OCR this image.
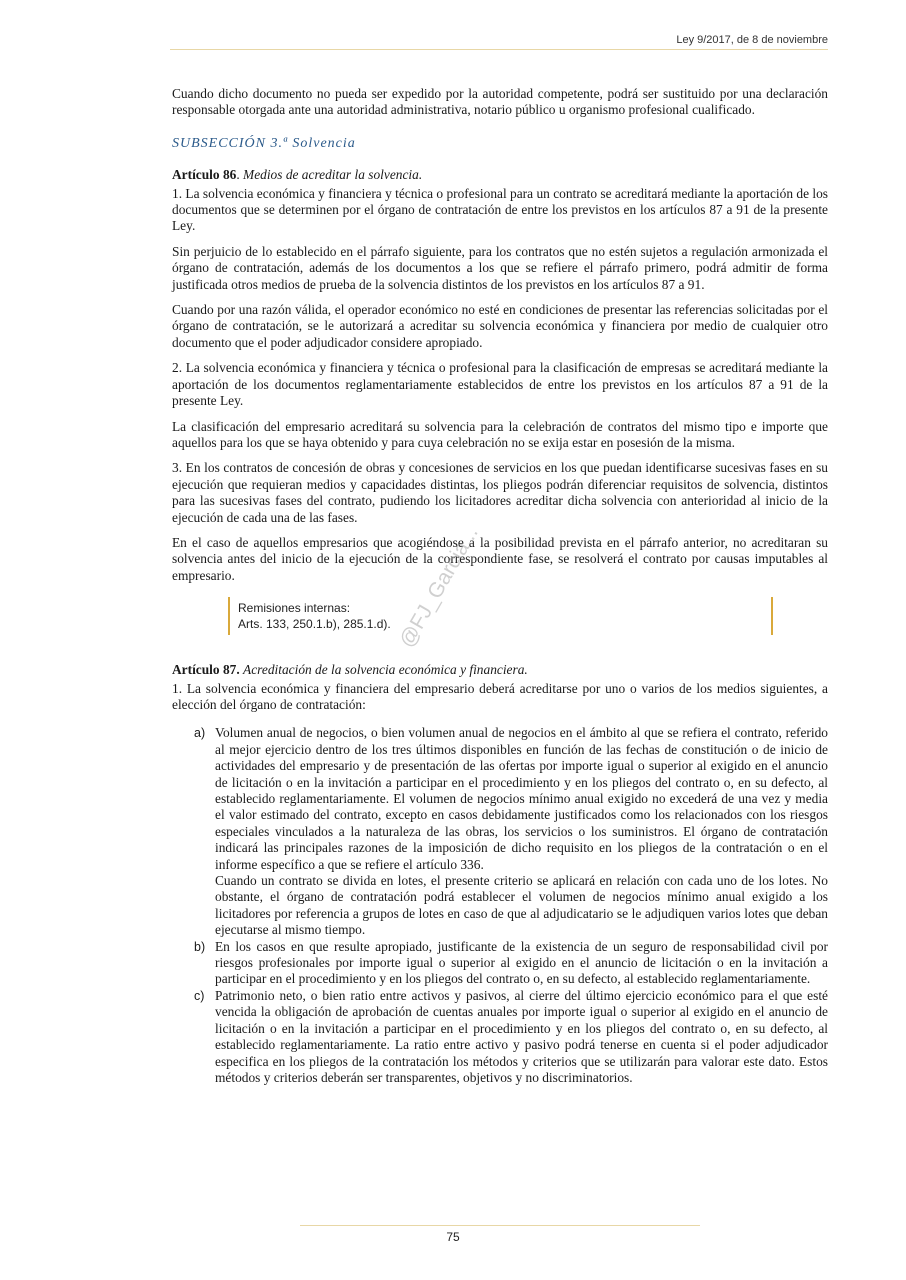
Ley 9/2017, de 8 de noviembre

Cuando dicho documento no pueda ser expedido por la autoridad competente, podrá ser sustituido por una declaración responsable otorgada ante una autoridad administrativa, notario público u organismo profesional cualificado.

SUBSECCIÓN 3.ª Solvencia
Artículo 86. Medios de acreditar la solvencia.

1. La solvencia económica y financiera y técnica o profesional para un contrato se acreditará mediante la aportación de los documentos que se determinen por el órgano de contratación de entre los previstos en los artículos 87 a 91 de la presente Ley.

Sin perjuicio de lo establecido en el párrafo siguiente, para los contratos que no estén sujetos a regulación armonizada el órgano de contratación, además de los documentos a los que se refiere el párrafo primero, podrá admitir de forma justificada otros medios de prueba de la solvencia distintos de los previstos en los artículos 87 a 91.

Cuando por una razón válida, el operador económico no esté en condiciones de presentar las referencias solicitadas por el órgano de contratación, se le autorizará a acreditar su solvencia económica y financiera por medio de cualquier otro documento que el poder adjudicador considere apropiado.

2. La solvencia económica y financiera y técnica o profesional para la clasificación de empresas se acreditará mediante la aportación de los documentos reglamentariamente establecidos de entre los previstos en los artículos 87 a 91 de la presente Ley.

La clasificación del empresario acreditará su solvencia para la celebración de contratos del mismo tipo e importe que aquellos para los que se haya obtenido y para cuya celebración no se exija estar en posesión de la misma.

3. En los contratos de concesión de obras y concesiones de servicios en los que puedan identificarse sucesivas fases en su ejecución que requieran medios y capacidades distintas, los pliegos podrán diferenciar requisitos de solvencia, distintos para las sucesivas fases del contrato, pudiendo los licitadores acreditar dicha solvencia con anterioridad al inicio de la ejecución de cada una de las fases.

En el caso de aquellos empresarios que acogiéndose a la posibilidad prevista en el párrafo anterior, no acreditaran su solvencia antes del inicio de la ejecución de la correspondiente fase, se resolverá el contrato por causas imputables al empresario.

Remisiones internas:
Arts. 133, 250.1.b), 285.1.d).
Artículo 87. Acreditación de la solvencia económica y financiera.

1. La solvencia económica y financiera del empresario deberá acreditarse por uno o varios de los medios siguientes, a elección del órgano de contratación:

a) Volumen anual de negocios, o bien volumen anual de negocios en el ámbito al que se refiera el contrato, referido al mejor ejercicio dentro de los tres últimos disponibles en función de las fechas de constitución o de inicio de actividades del empresario y de presentación de las ofertas por importe igual o superior al exigido en el anuncio de licitación o en la invitación a participar en el procedimiento y en los pliegos del contrato o, en su defecto, al establecido reglamentariamente. El volumen de negocios mínimo anual exigido no excederá de una vez y media el valor estimado del contrato, excepto en casos debidamente justificados como los relacionados con los riesgos especiales vinculados a la naturaleza de las obras, los servicios o los suministros. El órgano de contratación indicará las principales razones de la imposición de dicho requisito en los pliegos de la contratación o en el informe específico a que se refiere el artículo 336.
Cuando un contrato se divida en lotes, el presente criterio se aplicará en relación con cada uno de los lotes. No obstante, el órgano de contratación podrá establecer el volumen de negocios mínimo anual exigido a los licitadores por referencia a grupos de lotes en caso de que al adjudicatario se le adjudiquen varios lotes que deban ejecutarse al mismo tiempo.
b) En los casos en que resulte apropiado, justificante de la existencia de un seguro de responsabilidad civil por riesgos profesionales por importe igual o superior al exigido en el anuncio de licitación o en la invitación a participar en el procedimiento y en los pliegos del contrato o, en su defecto, al establecido reglamentariamente.
c) Patrimonio neto, o bien ratio entre activos y pasivos, al cierre del último ejercicio económico para el que esté vencida la obligación de aprobación de cuentas anuales por importe igual o superior al exigido en el anuncio de licitación o en la invitación a participar en el procedimiento y en los pliegos del contrato o, en su defecto, al establecido reglamentariamente. La ratio entre activo y pasivo podrá tenerse en cuenta si el poder adjudicador especifica en los pliegos de la contratación los métodos y criterios que se utilizarán para valorar este dato. Estos métodos y criterios deberán ser transparentes, objetivos y no discriminatorios.
@FJ_Garcia...
75
